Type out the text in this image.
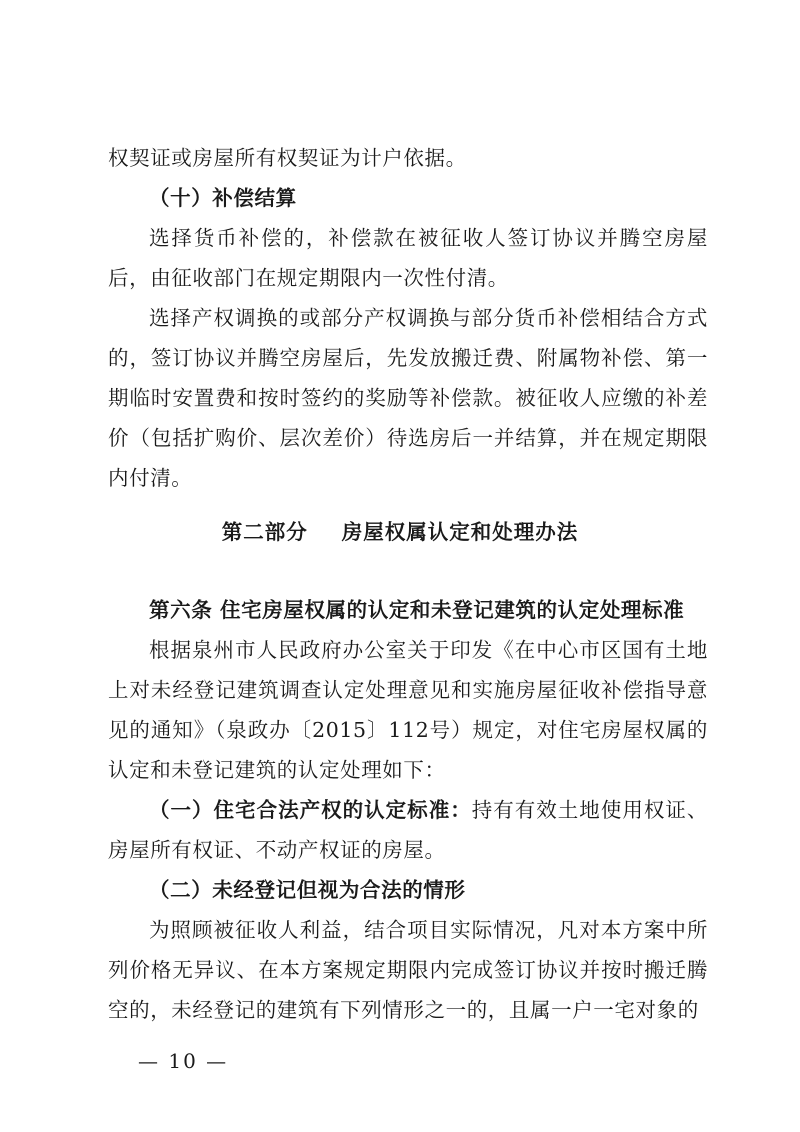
权契证或房屋所有权契证为计户依据。

（十）补偿结算

选择货币补偿的，补偿款在被征收人签订协议并腾空房屋后，由征收部门在规定期限内一次性付清。

选择产权调换的或部分产权调换与部分货币补偿相结合方式的，签订协议并腾空房屋后，先发放搬迁费、附属物补偿、第一期临时安置费和按时签约的奖励等补偿款。被征收人应缴的补差价（包括扩购价、层次差价）待选房后一并结算，并在规定期限内付清。

第二部分 房屋权属认定和处理办法

第六条 住宅房屋权属的认定和未登记建筑的认定处理标准

根据泉州市人民政府办公室关于印发《在中心市区国有土地上对未经登记建筑调查认定处理意见和实施房屋征收补偿指导意见的通知》（泉政办〔2015〕112号）规定，对住宅房屋权属的认定和未登记建筑的认定处理如下：

（一）住宅合法产权的认定标准：持有有效土地使用权证、房屋所有权证、不动产权证的房屋。

（二）未经登记但视为合法的情形

为照顾被征收人利益，结合项目实际情况，凡对本方案中所列价格无异议、在本方案规定期限内完成签订协议并按时搬迁腾空的，未经登记的建筑有下列情形之一的，且属一户一宅对象的

— 10 —
